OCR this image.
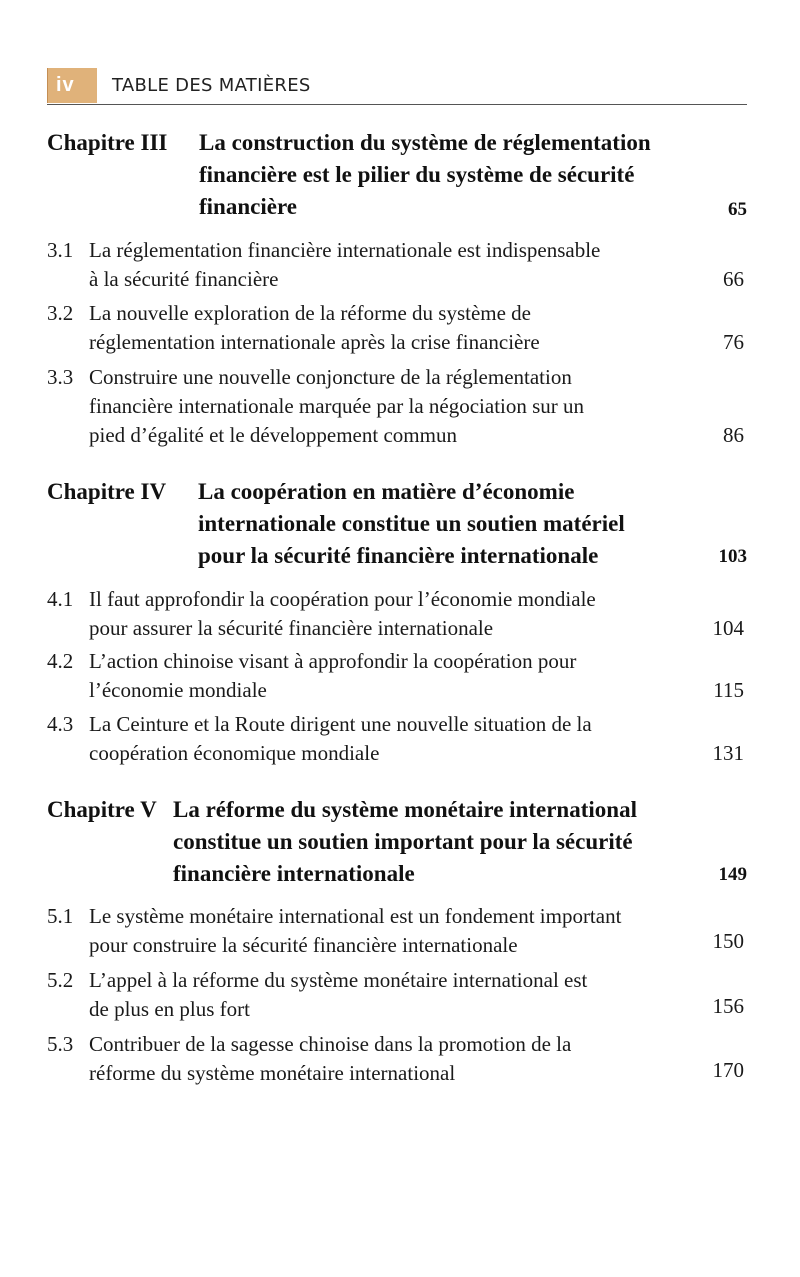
iv TABLE DES MATIÈRES
Chapitre III La construction du système de réglementation
financière est le pilier du système de sécurité
financière	65
3.1 La réglementation financière internationale est indispensable
à la sécurité financière	66
3.2 La nouvelle exploration de la réforme du système de
réglementation internationale après la crise financière	76
3.3 Construire une nouvelle conjoncture de la réglementation
financière internationale marquée par la négociation sur un
pied d’égalité et le développement commun	86
Chapitre IV La coopération en matière d’économie
internationale constitue un soutien matériel
pour la sécurité financière internationale	103
4.1 Il faut approfondir la coopération pour l’économie mondiale
pour assurer la sécurité financière internationale	104
4.2 L’action chinoise visant à approfondir la coopération pour
l’économie mondiale	115
4.3 La Ceinture et la Route dirigent une nouvelle situation de la
coopération économique mondiale	131
Chapitre V La réforme du système monétaire international
constitue un soutien important pour la sécurité
financière internationale	149
5.1 Le système monétaire international est un fondement important
pour construire la sécurité financière internationale	150
5.2 L’appel à la réforme du système monétaire international est
de plus en plus fort	156
5.3 Contribuer de la sagesse chinoise dans la promotion de la
réforme du système monétaire international	170
